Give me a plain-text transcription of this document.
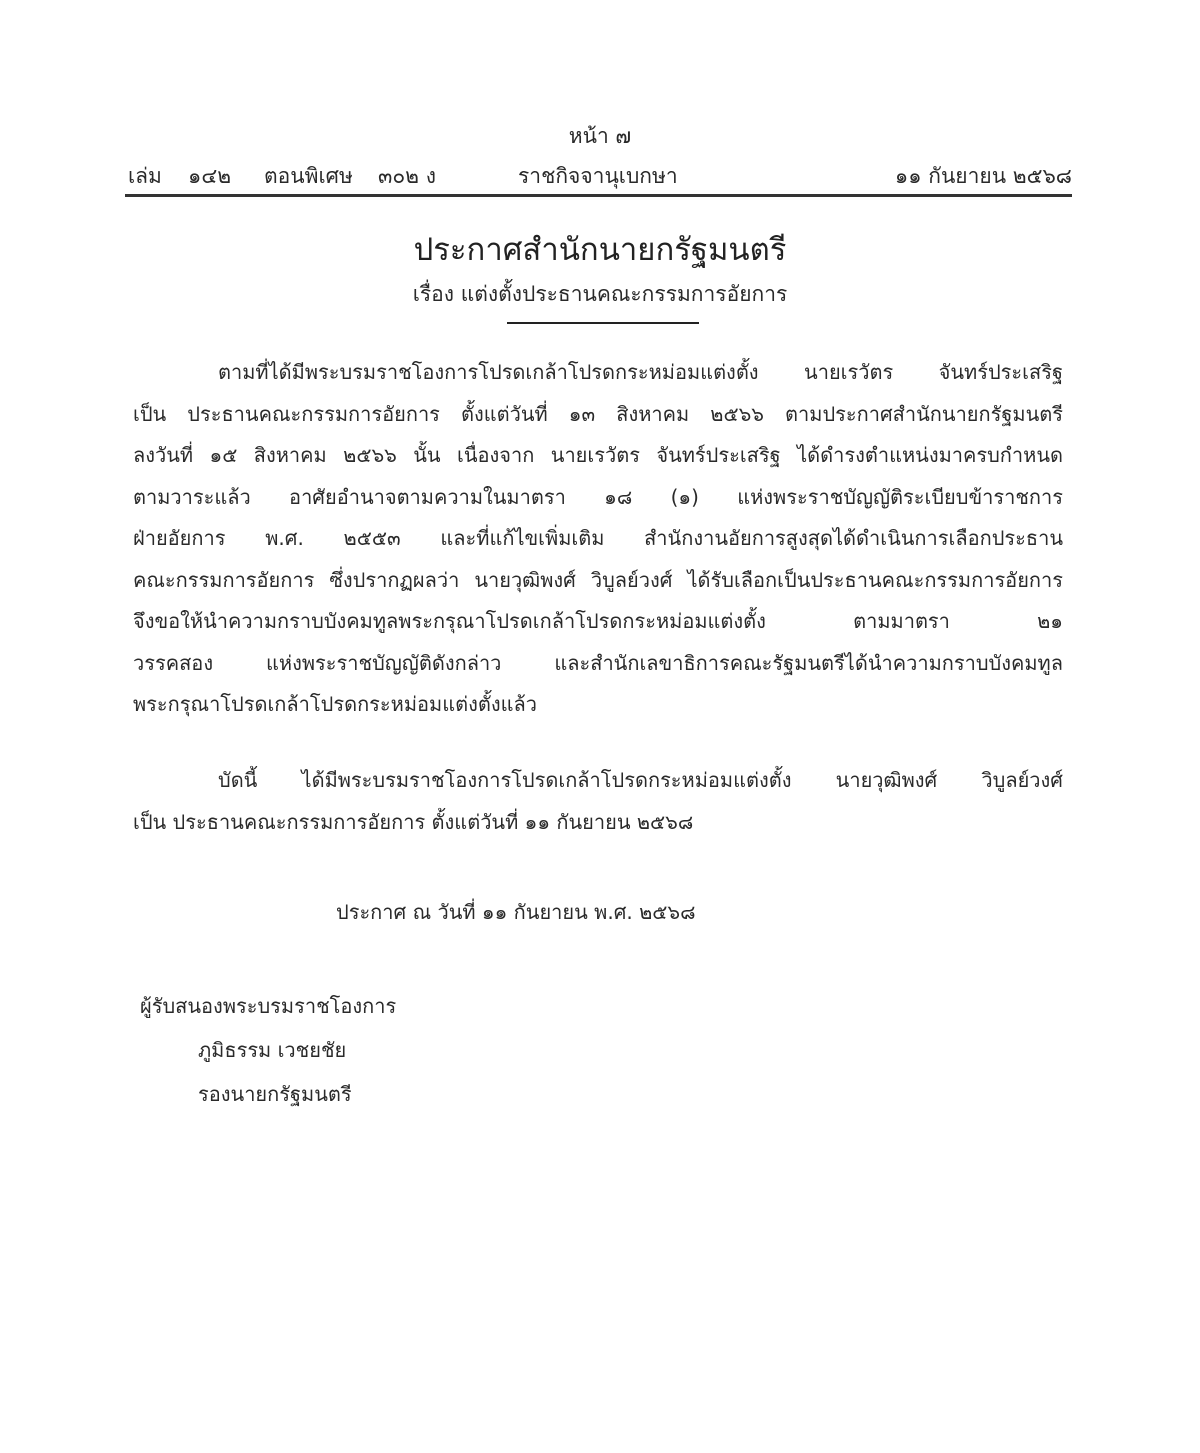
หน้า ๗
เล่ม ๑๔๒ ตอนพิเศษ ๓๐๒ ง	ราชกิจจานุเบกษา	๑๑ กันยายน ๒๕๖๘
ประกาศสำนักนายกรัฐมนตรี
เรื่อง แต่งตั้งประธานคณะกรรมการอัยการ
ตามที่ได้มีพระบรมราชโองการโปรดเกล้าโปรดกระหม่อมแต่งตั้ง นายเรวัตร จันทร์ประเสริฐ
เป็น ประธานคณะกรรมการอัยการ ตั้งแต่วันที่ ๑๓ สิงหาคม ๒๕๖๖ ตามประกาศสำนักนายกรัฐมนตรี
ลงวันที่ ๑๕ สิงหาคม ๒๕๖๖ นั้น เนื่องจาก นายเรวัตร จันทร์ประเสริฐ ได้ดำรงตำแหน่งมาครบกำหนด
ตามวาระแล้ว อาศัยอำนาจตามความในมาตรา ๑๘ (๑) แห่งพระราชบัญญัติระเบียบข้าราชการ
ฝ่ายอัยการ พ.ศ. ๒๕๕๓ และที่แก้ไขเพิ่มเติม สำนักงานอัยการสูงสุดได้ดำเนินการเลือกประธาน
คณะกรรมการอัยการ ซึ่งปรากฏผลว่า นายวุฒิพงศ์ วิบูลย์วงศ์ ได้รับเลือกเป็นประธานคณะกรรมการอัยการ
จึงขอให้นำความกราบบังคมทูลพระกรุณาโปรดเกล้าโปรดกระหม่อมแต่งตั้ง ตามมาตรา ๒๑
วรรคสอง แห่งพระราชบัญญัติดังกล่าว และสำนักเลขาธิการคณะรัฐมนตรีได้นำความกราบบังคมทูล
พระกรุณาโปรดเกล้าโปรดกระหม่อมแต่งตั้งแล้ว
บัดนี้ ได้มีพระบรมราชโองการโปรดเกล้าโปรดกระหม่อมแต่งตั้ง นายวุฒิพงศ์ วิบูลย์วงศ์
เป็น ประธานคณะกรรมการอัยการ ตั้งแต่วันที่ ๑๑ กันยายน ๒๕๖๘
ประกาศ ณ วันที่ ๑๑ กันยายน พ.ศ. ๒๕๖๘
ผู้รับสนองพระบรมราชโองการ
ภูมิธรรม เวชยชัย
รองนายกรัฐมนตรี
